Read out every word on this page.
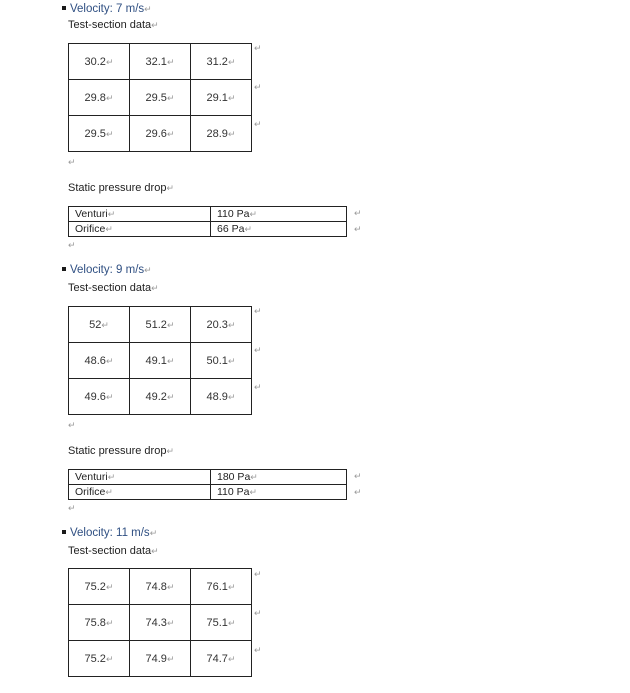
Velocity: 7 m/s↵
Test-section data↵
30.2↵	32.1↵	31.2↵
29.8↵	29.5↵	29.1↵
29.5↵	29.6↵	28.9↵
↵
↵
↵
↵
Static pressure drop↵
Venturi↵	110 Pa↵
Orifice↵	66 Pa↵
↵
↵
↵
Velocity: 9 m/s↵
Test-section data↵
52↵	51.2↵	20.3↵
48.6↵	49.1↵	50.1↵
49.6↵	49.2↵	48.9↵
↵
↵
↵
↵
Static pressure drop↵
Venturi↵	180 Pa↵
Orifice↵	110 Pa↵
↵
↵
↵
Velocity: 11 m/s↵
Test-section data↵
75.2↵	74.8↵	76.1↵
75.8↵	74.3↵	75.1↵
75.2↵	74.9↵	74.7↵
↵
↵
↵
